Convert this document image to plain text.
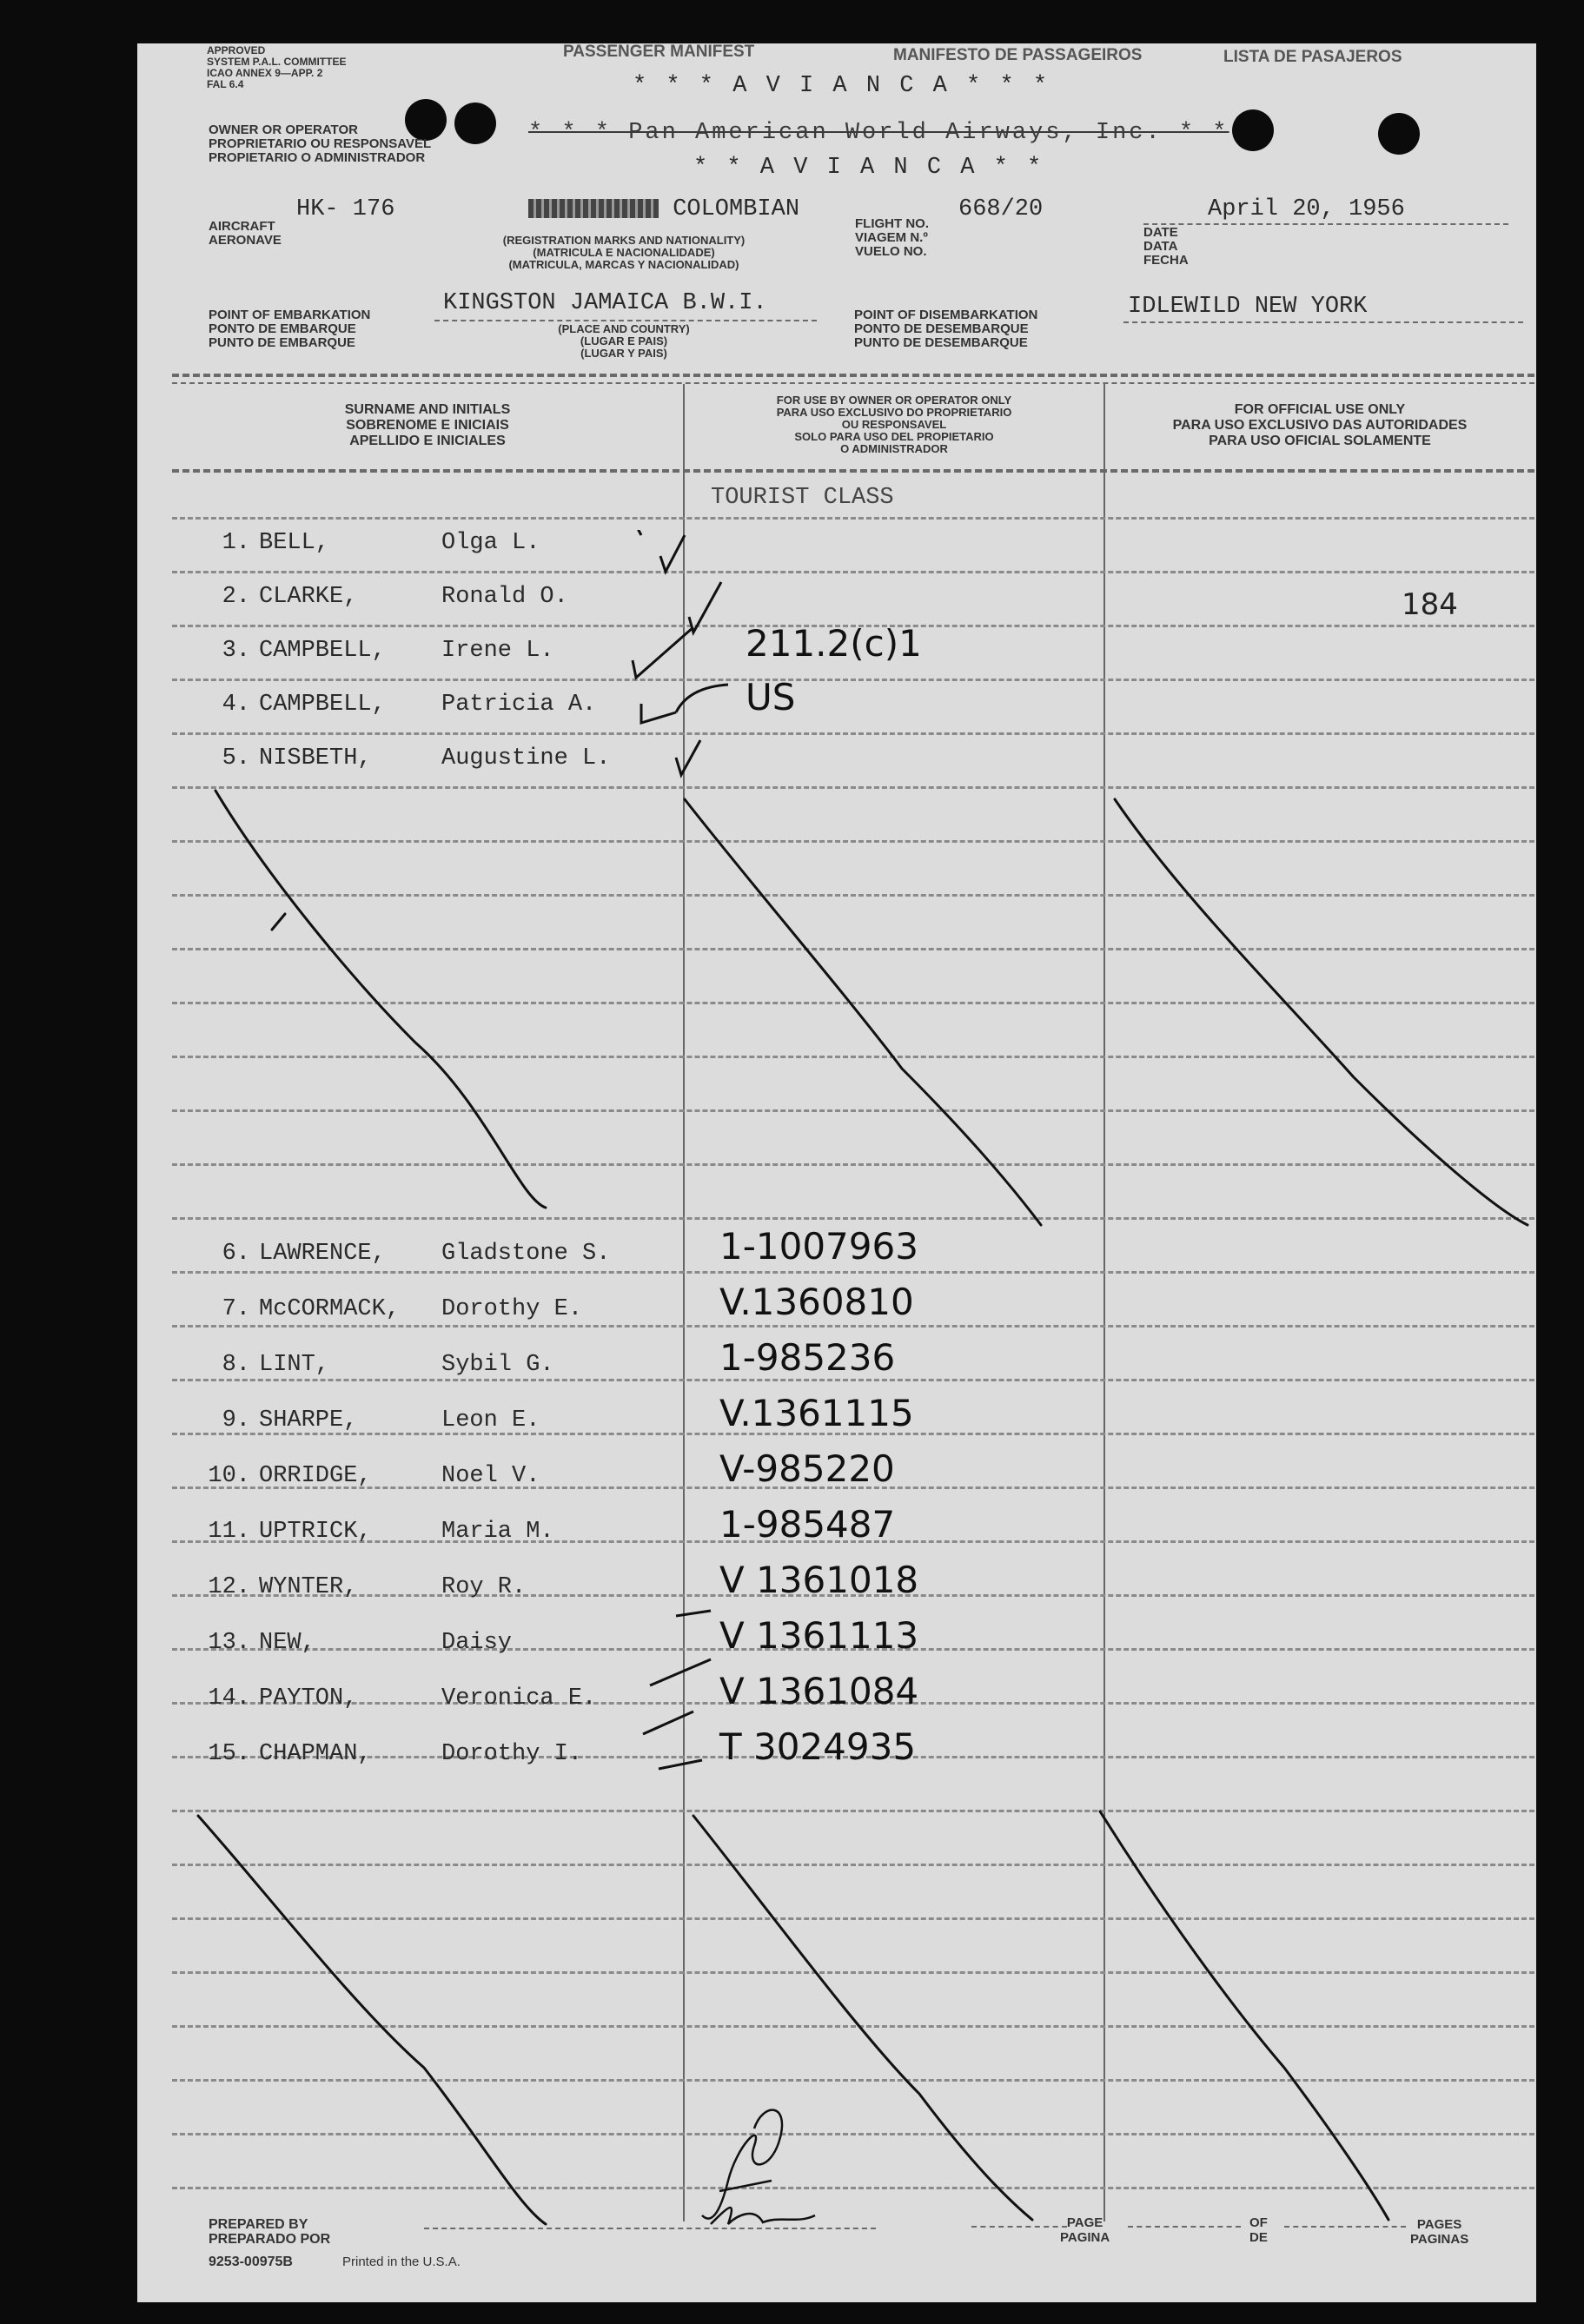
APPROVED
SYSTEM P.A.L. COMMITTEE
ICAO ANNEX 9—APP. 2
FAL 6.4
PASSENGER MANIFEST	MANIFESTO DE PASSAGEIROS	LISTA DE PASAJEROS
* * * A V I A N C A * * *
OWNER OR OPERATOR
PROPRIETARIO OU RESPONSAVEL
PROPIETARIO O ADMINISTRADOR
* * * Pan American World Airways, Inc. * *
* * A V I A N C A * *
HK- 176
AIRCRAFT
AERONAVE
COLOMBIAN
(REGISTRATION MARKS AND NATIONALITY)
(MATRICULA E NACIONALIDADE)
(MATRICULA, MARCAS Y NACIONALIDAD)
668/20
FLIGHT NO.
VIAGEM N.º
VUELO NO.
April 20, 1956
DATE
DATA
FECHA
POINT OF EMBARKATION
PONTO DE EMBARQUE
PUNTO DE EMBARQUE
KINGSTON JAMAICA B.W.I.
(PLACE AND COUNTRY)
(LUGAR E PAIS)
(LUGAR Y PAIS)
POINT OF DISEMBARKATION
PONTO DE DESEMBARQUE
PUNTO DE DESEMBARQUE
IDLEWILD NEW YORK
SURNAME AND INITIALS
SOBRENOME E INICIAIS
APELLIDO E INICIALES
FOR USE BY OWNER OR OPERATOR ONLY
PARA USO EXCLUSIVO DO PROPRIETARIO
OU RESPONSAVEL
SOLO PARA USO DEL PROPIETARIO
O ADMINISTRADOR
FOR OFFICIAL USE ONLY
PARA USO EXCLUSIVO DAS AUTORIDADES
PARA USO OFICIAL SOLAMENTE
TOURIST CLASS
184
1. BELL,	Olga L.
2. CLARKE,	Ronald O.
3. CAMPBELL, Irene L.	211.2(c)1
4. CAMPBELL, Patricia A.	US
5. NISBETH,	Augustine L.
6. LAWRENCE, Gladstone S.	1-1007963
7. McCORMACK, Dorothy E.	V.1360810
8. LINT,	Sybil G.	1-985236
9. SHARPE,	Leon E.	V.1361115
10. ORRIDGE,	Noel V.	V-985220
11. UPTRICK,	Maria M.	1-985487
12. WYNTER,	Roy R.	V 1361018
13. NEW,	Daisy	V 1361113
14. PAYTON,	Veronica E.	V 1361084
15. CHAPMAN,	Dorothy I.	T 3024935
PREPARED BY
PREPARADO POR
9253-00975B	Printed in the U.S.A.
PAGE
PAGINA
OF
DE
PAGES
PAGINAS
